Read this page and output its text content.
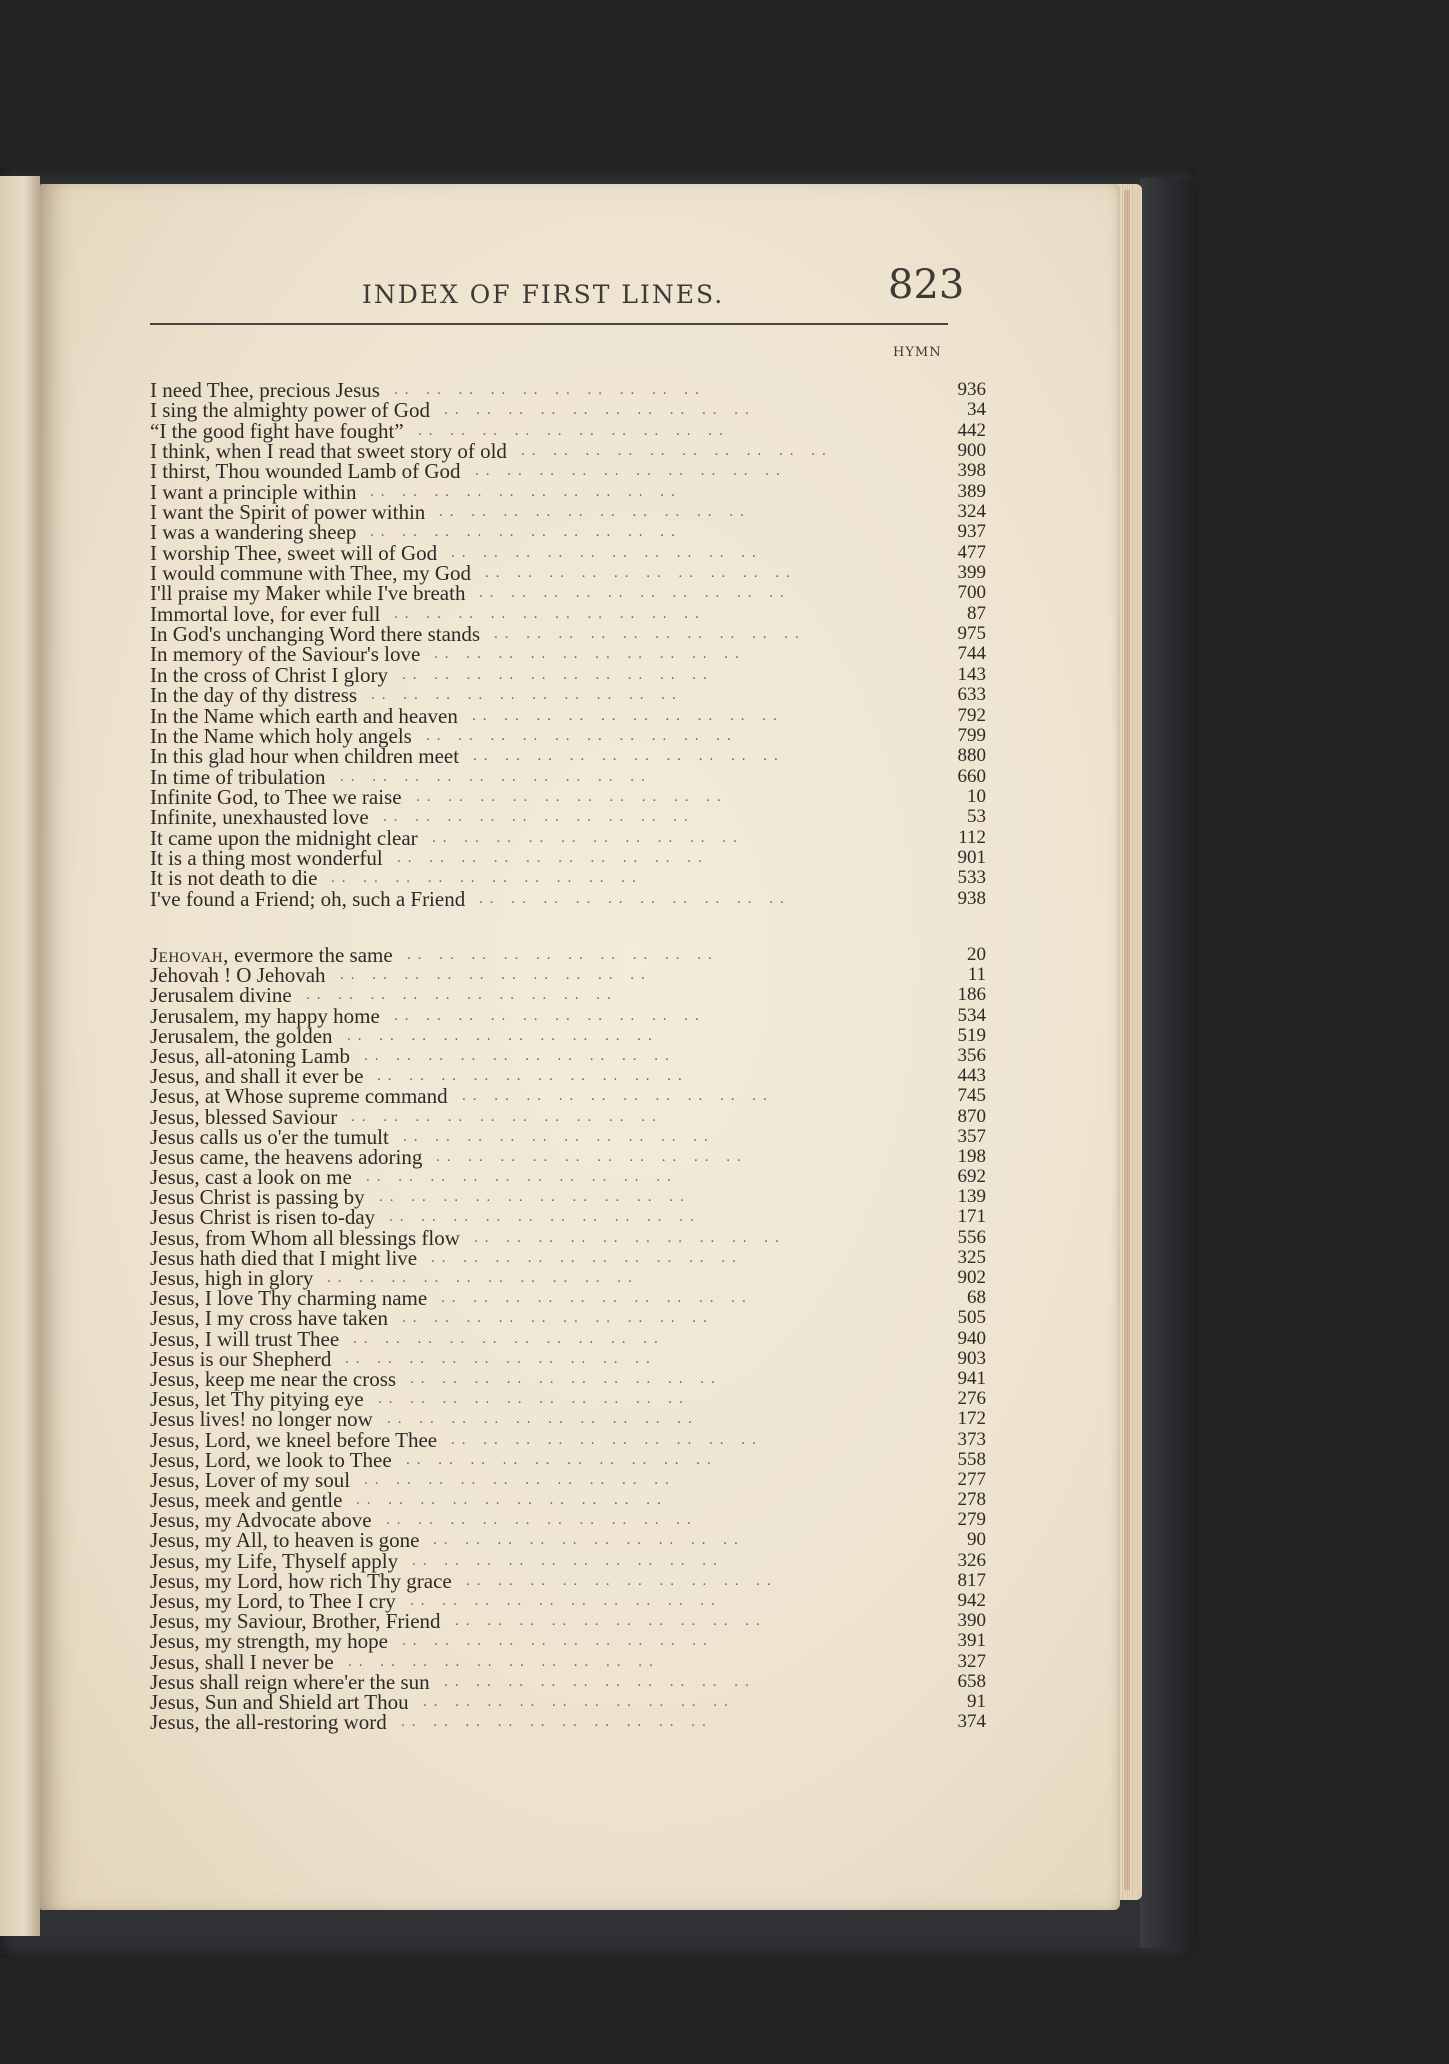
INDEX OF FIRST LINES.	823
HYMN
I need Thee, precious Jesus .. .. .. .. .. .. .. .. .. ..	936
I sing the almighty power of God .. .. .. .. .. .. .. .. .. ..	34
“I the good fight have fought” .. .. .. .. .. .. .. .. .. ..	442
I think, when I read that sweet story of old .. .. .. .. .. .. .. .. .. ..	900
I thirst, Thou wounded Lamb of God .. .. .. .. .. .. .. .. .. ..	398
I want a principle within .. .. .. .. .. .. .. .. .. ..	389
I want the Spirit of power within .. .. .. .. .. .. .. .. .. ..	324
I was a wandering sheep .. .. .. .. .. .. .. .. .. ..	937
I worship Thee, sweet will of God .. .. .. .. .. .. .. .. .. ..	477
I would commune with Thee, my God .. .. .. .. .. .. .. .. .. ..	399
I'll praise my Maker while I've breath .. .. .. .. .. .. .. .. .. ..	700
Immortal love, for ever full .. .. .. .. .. .. .. .. .. ..	87
In God's unchanging Word there stands .. .. .. .. .. .. .. .. .. ..	975
In memory of the Saviour's love .. .. .. .. .. .. .. .. .. ..	744
In the cross of Christ I glory .. .. .. .. .. .. .. .. .. ..	143
In the day of thy distress .. .. .. .. .. .. .. .. .. ..	633
In the Name which earth and heaven .. .. .. .. .. .. .. .. .. ..	792
In the Name which holy angels .. .. .. .. .. .. .. .. .. ..	799
In this glad hour when children meet .. .. .. .. .. .. .. .. .. ..	880
In time of tribulation .. .. .. .. .. .. .. .. .. ..	660
Infinite God, to Thee we raise .. .. .. .. .. .. .. .. .. ..	10
Infinite, unexhausted love .. .. .. .. .. .. .. .. .. ..	53
It came upon the midnight clear .. .. .. .. .. .. .. .. .. ..	112
It is a thing most wonderful .. .. .. .. .. .. .. .. .. ..	901
It is not death to die .. .. .. .. .. .. .. .. .. ..	533
I've found a Friend; oh, such a Friend .. .. .. .. .. .. .. .. .. ..	938
Jehovah, evermore the same .. .. .. .. .. .. .. .. .. ..	20
Jehovah ! O Jehovah .. .. .. .. .. .. .. .. .. ..	11
Jerusalem divine .. .. .. .. .. .. .. .. .. ..	186
Jerusalem, my happy home .. .. .. .. .. .. .. .. .. ..	534
Jerusalem, the golden .. .. .. .. .. .. .. .. .. ..	519
Jesus, all-atoning Lamb .. .. .. .. .. .. .. .. .. ..	356
Jesus, and shall it ever be .. .. .. .. .. .. .. .. .. ..	443
Jesus, at Whose supreme command .. .. .. .. .. .. .. .. .. ..	745
Jesus, blessed Saviour .. .. .. .. .. .. .. .. .. ..	870
Jesus calls us o'er the tumult .. .. .. .. .. .. .. .. .. ..	357
Jesus came, the heavens adoring .. .. .. .. .. .. .. .. .. ..	198
Jesus, cast a look on me .. .. .. .. .. .. .. .. .. ..	692
Jesus Christ is passing by .. .. .. .. .. .. .. .. .. ..	139
Jesus Christ is risen to-day .. .. .. .. .. .. .. .. .. ..	171
Jesus, from Whom all blessings flow .. .. .. .. .. .. .. .. .. ..	556
Jesus hath died that I might live .. .. .. .. .. .. .. .. .. ..	325
Jesus, high in glory .. .. .. .. .. .. .. .. .. ..	902
Jesus, I love Thy charming name .. .. .. .. .. .. .. .. .. ..	68
Jesus, I my cross have taken .. .. .. .. .. .. .. .. .. ..	505
Jesus, I will trust Thee .. .. .. .. .. .. .. .. .. ..	940
Jesus is our Shepherd .. .. .. .. .. .. .. .. .. ..	903
Jesus, keep me near the cross .. .. .. .. .. .. .. .. .. ..	941
Jesus, let Thy pitying eye .. .. .. .. .. .. .. .. .. ..	276
Jesus lives! no longer now .. .. .. .. .. .. .. .. .. ..	172
Jesus, Lord, we kneel before Thee .. .. .. .. .. .. .. .. .. ..	373
Jesus, Lord, we look to Thee .. .. .. .. .. .. .. .. .. ..	558
Jesus, Lover of my soul .. .. .. .. .. .. .. .. .. ..	277
Jesus, meek and gentle .. .. .. .. .. .. .. .. .. ..	278
Jesus, my Advocate above .. .. .. .. .. .. .. .. .. ..	279
Jesus, my All, to heaven is gone .. .. .. .. .. .. .. .. .. ..	90
Jesus, my Life, Thyself apply .. .. .. .. .. .. .. .. .. ..	326
Jesus, my Lord, how rich Thy grace .. .. .. .. .. .. .. .. .. ..	817
Jesus, my Lord, to Thee I cry .. .. .. .. .. .. .. .. .. ..	942
Jesus, my Saviour, Brother, Friend .. .. .. .. .. .. .. .. .. ..	390
Jesus, my strength, my hope .. .. .. .. .. .. .. .. .. ..	391
Jesus, shall I never be .. .. .. .. .. .. .. .. .. ..	327
Jesus shall reign where'er the sun .. .. .. .. .. .. .. .. .. ..	658
Jesus, Sun and Shield art Thou .. .. .. .. .. .. .. .. .. ..	91
Jesus, the all-restoring word .. .. .. .. .. .. .. .. .. ..	374
